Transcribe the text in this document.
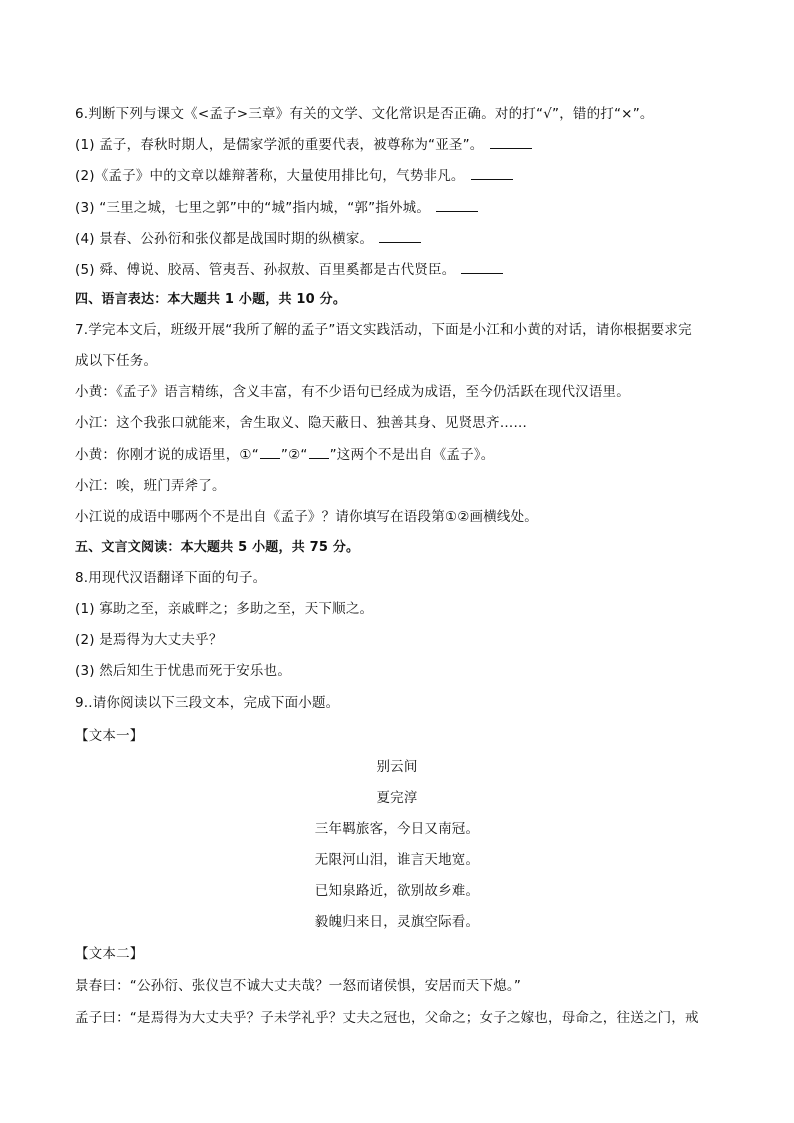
6.判断下列与课文《<孟子>三章》有关的文学、文化常识是否正确。对的打“√”，错的打“×”。
(1) 孟子，春秋时期人，是儒家学派的重要代表，被尊称为“亚圣”。
(2)《孟子》中的文章以雄辩著称，大量使用排比句，气势非凡。
(3) “三里之城，七里之郭”中的“城”指内城，“郭”指外城。
(4) 景春、公孙衍和张仪都是战国时期的纵横家。
(5) 舜、傅说、胶鬲、管夷吾、孙叔敖、百里奚都是古代贤臣。
四、语言表达：本大题共 1 小题，共 10 分。
7.学完本文后，班级开展“我所了解的孟子”语文实践活动，下面是小江和小黄的对话，请你根据要求完
成以下任务。
小黄：《孟子》语言精练，含义丰富，有不少语句已经成为成语，至今仍活跃在现代汉语里。
小江：这个我张口就能来，舍生取义、隐天蔽日、独善其身、见贤思齐……
小黄：你刚才说的成语里，①“ ”②“ ”这两个不是出自《孟子》。
小江：唉，班门弄斧了。
小江说的成语中哪两个不是出自《孟子》？请你填写在语段第①②画横线处。
五、文言文阅读：本大题共 5 小题，共 75 分。
8.用现代汉语翻译下面的句子。
(1) 寡助之至，亲戚畔之；多助之至，天下顺之。
(2) 是焉得为大丈夫乎？
(3) 然后知生于忧患而死于安乐也。
9..请你阅读以下三段文本，完成下面小题。
【文本一】
别云间
夏完淳
三年羁旅客，今日又南冠。
无限河山泪，谁言天地宽。
已知泉路近，欲别故乡难。
毅魄归来日，灵旗空际看。
【文本二】
景春曰：“公孙衍、张仪岂不诚大丈夫哉？一怒而诸侯惧，安居而天下熄。”
孟子曰：“是焉得为大丈夫乎？子未学礼乎？丈夫之冠也，父命之；女子之嫁也，母命之，往送之门，戒
